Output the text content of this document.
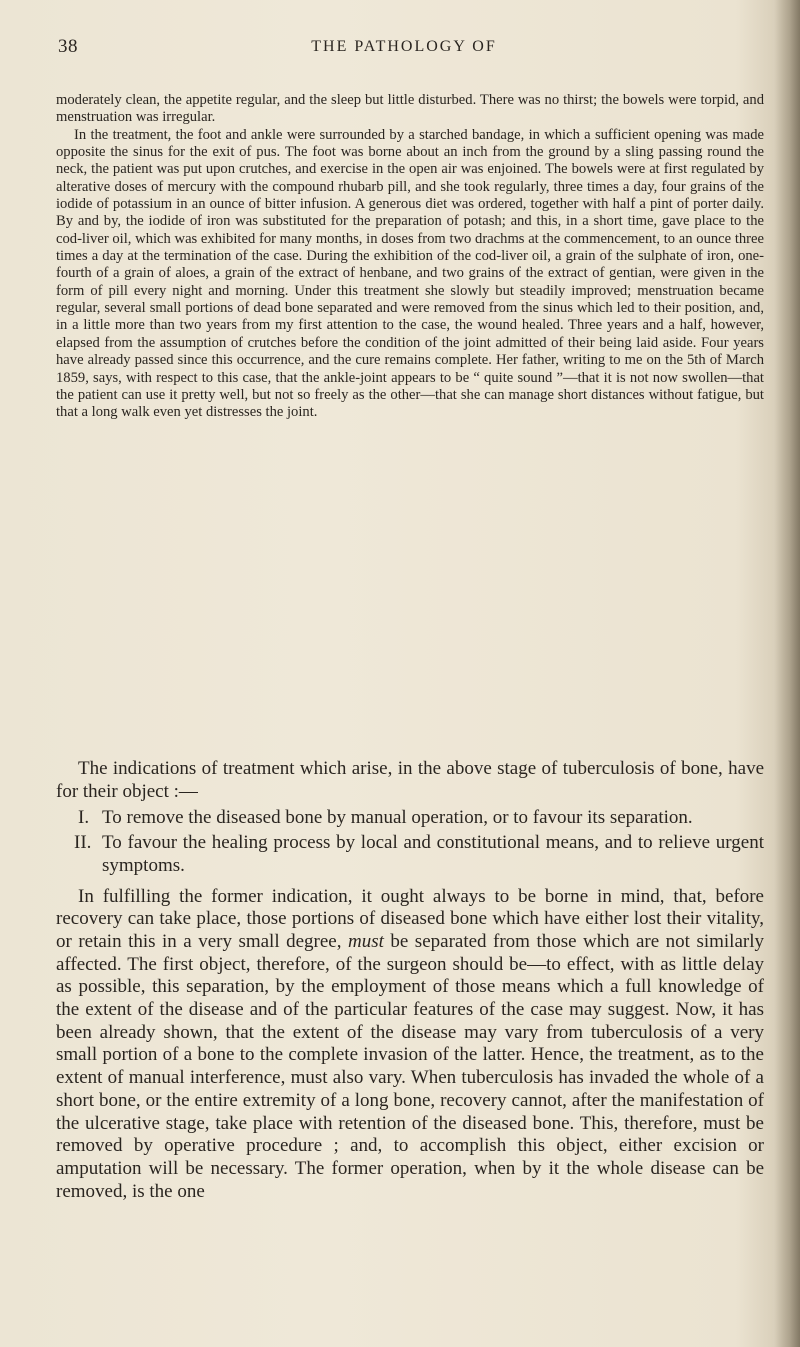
38	THE PATHOLOGY OF

moderately clean, the appetite regular, and the sleep but little disturbed. There was no thirst; the bowels were torpid, and menstruation was irregular.

In the treatment, the foot and ankle were surrounded by a starched bandage, in which a sufficient opening was made opposite the sinus for the exit of pus. The foot was borne about an inch from the ground by a sling passing round the neck, the patient was put upon crutches, and exercise in the open air was enjoined. The bowels were at first regulated by alterative doses of mercury with the compound rhubarb pill, and she took regularly, three times a day, four grains of the iodide of potassium in an ounce of bitter infusion. A generous diet was ordered, together with half a pint of porter daily. By and by, the iodide of iron was substituted for the preparation of potash; and this, in a short time, gave place to the cod-liver oil, which was exhibited for many months, in doses from two drachms at the commencement, to an ounce three times a day at the termination of the case. During the exhibition of the cod-liver oil, a grain of the sulphate of iron, one-fourth of a grain of aloes, a grain of the extract of henbane, and two grains of the extract of gentian, were given in the form of pill every night and morning. Under this treatment she slowly but steadily improved; menstruation became regular, several small portions of dead bone separated and were removed from the sinus which led to their position, and, in a little more than two years from my first attention to the case, the wound healed. Three years and a half, however, elapsed from the assumption of crutches before the condition of the joint admitted of their being laid aside. Four years have already passed since this occurrence, and the cure remains complete. Her father, writing to me on the 5th of March 1859, says, with respect to this case, that the ankle-joint appears to be “ quite sound ”—that it is not now swollen—that the patient can use it pretty well, but not so freely as the other—that she can manage short distances without fatigue, but that a long walk even yet distresses the joint.

The indications of treatment which arise, in the above stage of tuberculosis of bone, have for their object :—

I. To remove the diseased bone by manual operation, or to favour its separation.
II. To favour the healing process by local and constitutional means, and to relieve urgent symptoms.

In fulfilling the former indication, it ought always to be borne in mind, that, before recovery can take place, those portions of diseased bone which have either lost their vitality, or retain this in a very small degree, must be separated from those which are not similarly affected. The first object, therefore, of the surgeon should be—to effect, with as little delay as possible, this separation, by the employment of those means which a full knowledge of the extent of the disease and of the particular features of the case may suggest. Now, it has been already shown, that the extent of the disease may vary from tuberculosis of a very small portion of a bone to the complete invasion of the latter. Hence, the treatment, as to the extent of manual interference, must also vary. When tuberculosis has invaded the whole of a short bone, or the entire extremity of a long bone, recovery cannot, after the manifestation of the ulcerative stage, take place with retention of the diseased bone. This, therefore, must be removed by operative procedure ; and, to accomplish this object, either excision or amputation will be necessary. The former operation, when by it the whole disease can be removed, is the one
